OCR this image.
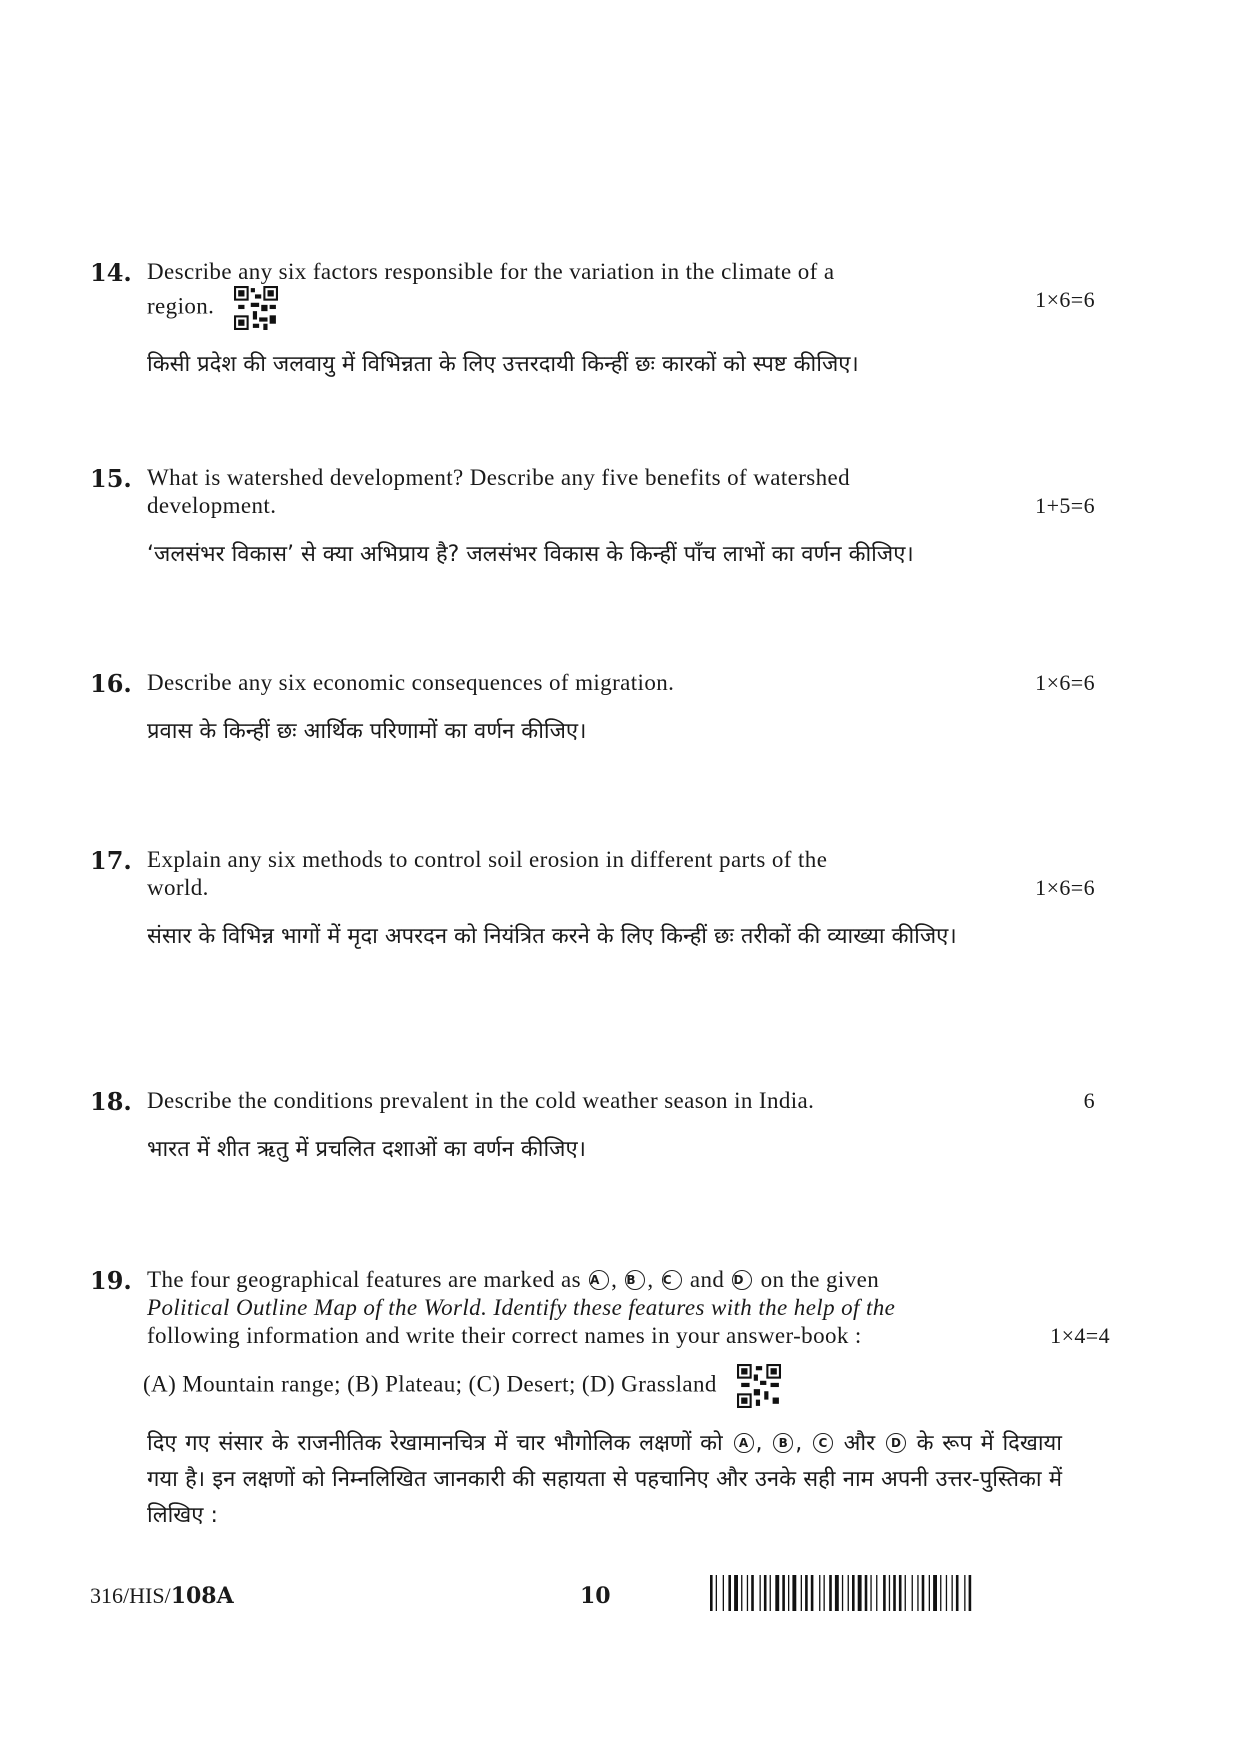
14. Describe any six factors responsible for the variation in the climate of a
region.	1×6=6
किसी प्रदेश की जलवायु में विभिन्नता के लिए उत्तरदायी किन्हीं छः कारकों को स्पष्ट कीजिए।
15. What is watershed development? Describe any five benefits of watershed
development.	1+5=6
‘जलसंभर विकास’ से क्या अभिप्राय है? जलसंभर विकास के किन्हीं पाँच लाभों का वर्णन कीजिए।
16. Describe any six economic consequences of migration.	1×6=6
प्रवास के किन्हीं छः आर्थिक परिणामों का वर्णन कीजिए।
17. Explain any six methods to control soil erosion in different parts of the
world.	1×6=6
संसार के विभिन्न भागों में मृदा अपरदन को नियंत्रित करने के लिए किन्हीं छः तरीकों की व्याख्या कीजिए।
18. Describe the conditions prevalent in the cold weather season in India.	6
भारत में शीत ऋतु में प्रचलित दशाओं का वर्णन कीजिए।
19. The four geographical features are marked as A , B , C and D on the given
Political Outline Map of the World. Identify these features with the help of the
following information and write their correct names in your answer-book :	1×4=4
(A) Mountain range; (B) Plateau; (C) Desert; (D) Grassland
दिए गए संसार के राजनीतिक रेखामानचित्र में चार भौगोलिक लक्षणों को A , B , C और D के रूप में दिखाया गया है। इन लक्षणों को निम्नलिखित जानकारी की सहायता से पहचानिए और उनके सही नाम अपनी उत्तर-पुस्तिका में लिखिए :
316/HIS/108A	10
